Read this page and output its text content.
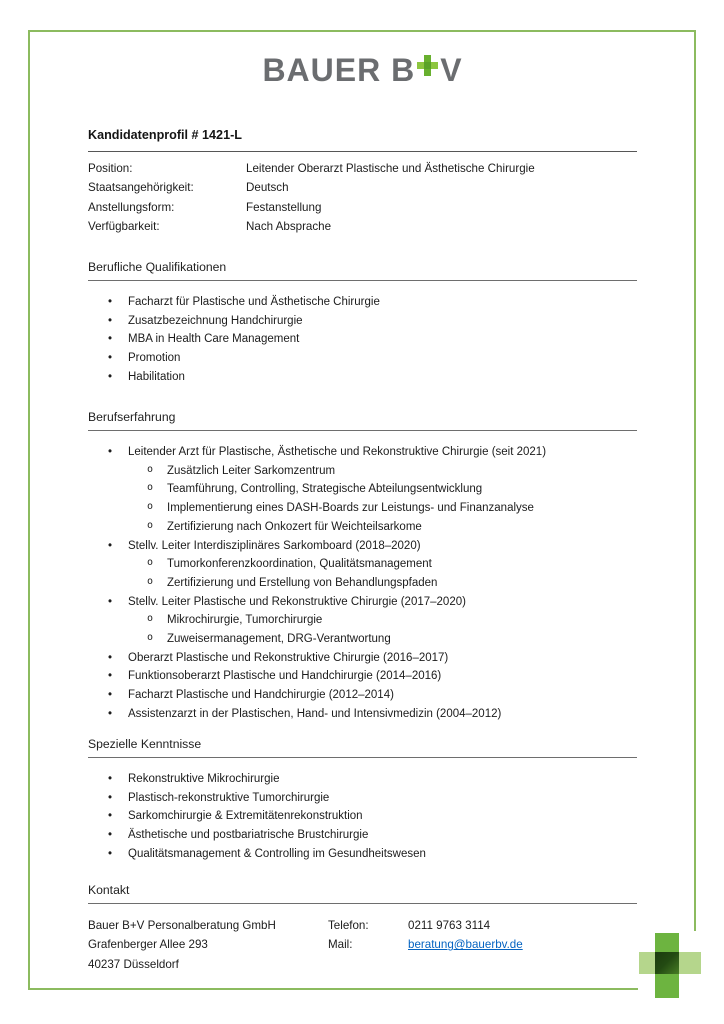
BAUER B V
Kandidatenprofil # 1421-L
Position:	Leitender Oberarzt Plastische und Ästhetische Chirurgie
Staatsangehörigkeit:	Deutsch
Anstellungsform:	Festanstellung
Verfügbarkeit:	Nach Absprache
Berufliche Qualifikationen
• Facharzt für Plastische und Ästhetische Chirurgie
• Zusatzbezeichnung Handchirurgie
• MBA in Health Care Management
• Promotion
• Habilitation
Berufserfahrung
• Leitender Arzt für Plastische, Ästhetische und Rekonstruktive Chirurgie (seit 2021)
o Zusätzlich Leiter Sarkomzentrum
o Teamführung, Controlling, Strategische Abteilungsentwicklung
o Implementierung eines DASH-Boards zur Leistungs- und Finanzanalyse
o Zertifizierung nach Onkozert für Weichteilsarkome
• Stellv. Leiter Interdisziplinäres Sarkomboard (2018–2020)
o Tumorkonferenzkoordination, Qualitätsmanagement
o Zertifizierung und Erstellung von Behandlungspfaden
• Stellv. Leiter Plastische und Rekonstruktive Chirurgie (2017–2020)
o Mikrochirurgie, Tumorchirurgie
o Zuweisermanagement, DRG-Verantwortung
• Oberarzt Plastische und Rekonstruktive Chirurgie (2016–2017)
• Funktionsoberarzt Plastische und Handchirurgie (2014–2016)
• Facharzt Plastische und Handchirurgie (2012–2014)
• Assistenzarzt in der Plastischen, Hand- und Intensivmedizin (2004–2012)
Spezielle Kenntnisse
• Rekonstruktive Mikrochirurgie
• Plastisch-rekonstruktive Tumorchirurgie
• Sarkomchirurgie & Extremitätenrekonstruktion
• Ästhetische und postbariatrische Brustchirurgie
• Qualitätsmanagement & Controlling im Gesundheitswesen
Kontakt
Bauer B+V Personalberatung GmbH
Grafenberger Allee 293
40237 Düsseldorf
Telefon:	0211 9763 3114
Mail:	beratung@bauerbv.de
